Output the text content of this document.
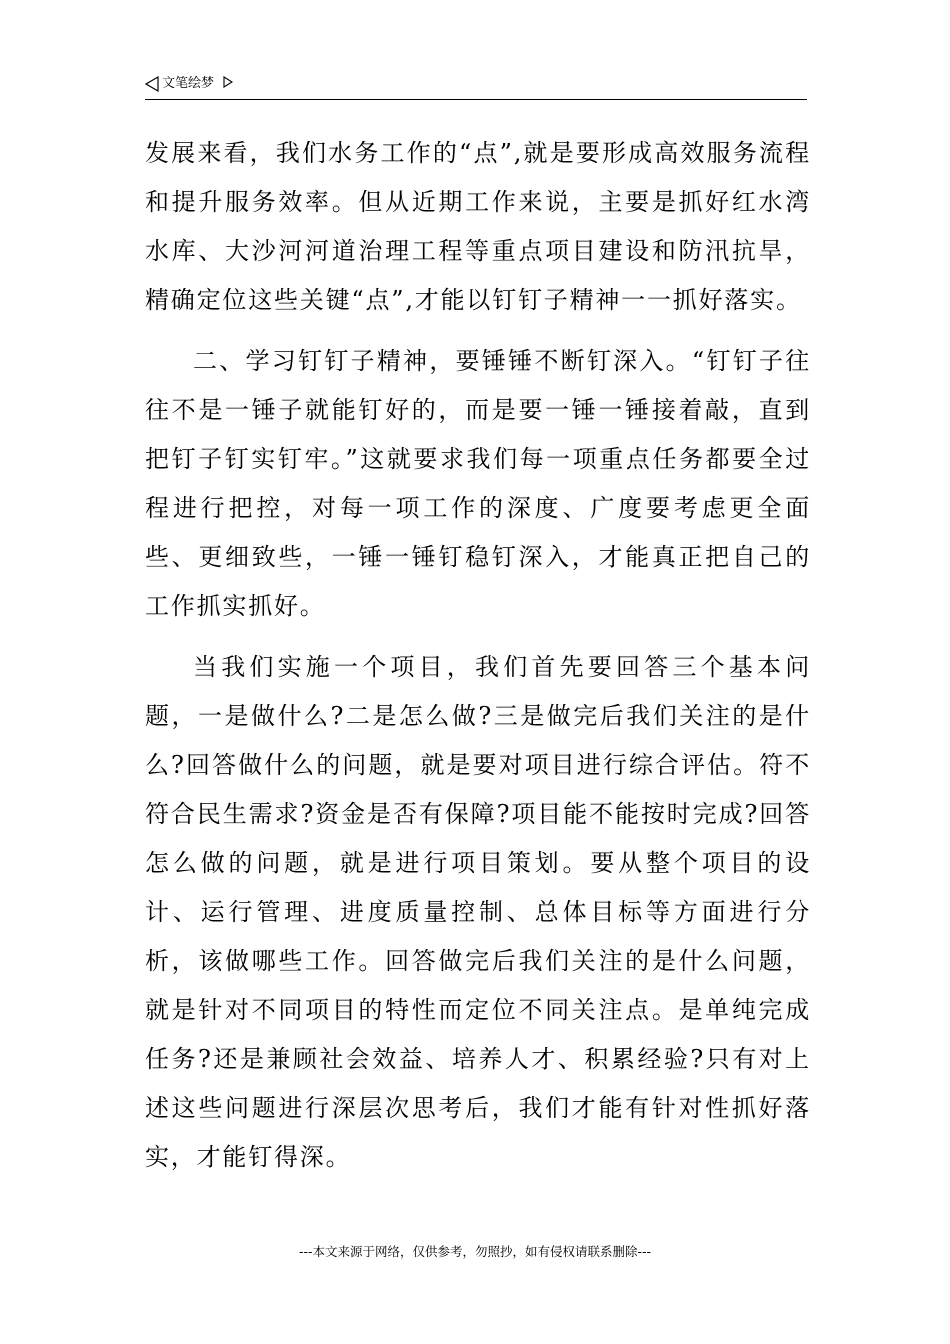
文笔绘梦

发展来看，我们水务工作的“点”,就是要形成高效服务流程和提升服务效率。但从近期工作来说，主要是抓好红水湾水库、大沙河河道治理工程等重点项目建设和防汛抗旱，精确定位这些关键“点”,才能以钉钉子精神一一抓好落实。

二、学习钉钉子精神，要锤锤不断钉深入。“钉钉子往往不是一锤子就能钉好的，而是要一锤一锤接着敲，直到把钉子钉实钉牢。”这就要求我们每一项重点任务都要全过程进行把控，对每一项工作的深度、广度要考虑更全面些、更细致些，一锤一锤钉稳钉深入，才能真正把自己的工作抓实抓好。

当我们实施一个项目，我们首先要回答三个基本问题，一是做什么?二是怎么做?三是做完后我们关注的是什么?回答做什么的问题，就是要对项目进行综合评估。符不符合民生需求?资金是否有保障?项目能不能按时完成?回答怎么做的问题，就是进行项目策划。要从整个项目的设计、运行管理、进度质量控制、总体目标等方面进行分析，该做哪些工作。回答做完后我们关注的是什么问题，就是针对不同项目的特性而定位不同关注点。是单纯完成任务?还是兼顾社会效益、培养人才、积累经验?只有对上述这些问题进行深层次思考后，我们才能有针对性抓好落实，才能钉得深。

---本文来源于网络，仅供参考，勿照抄，如有侵权请联系删除---
